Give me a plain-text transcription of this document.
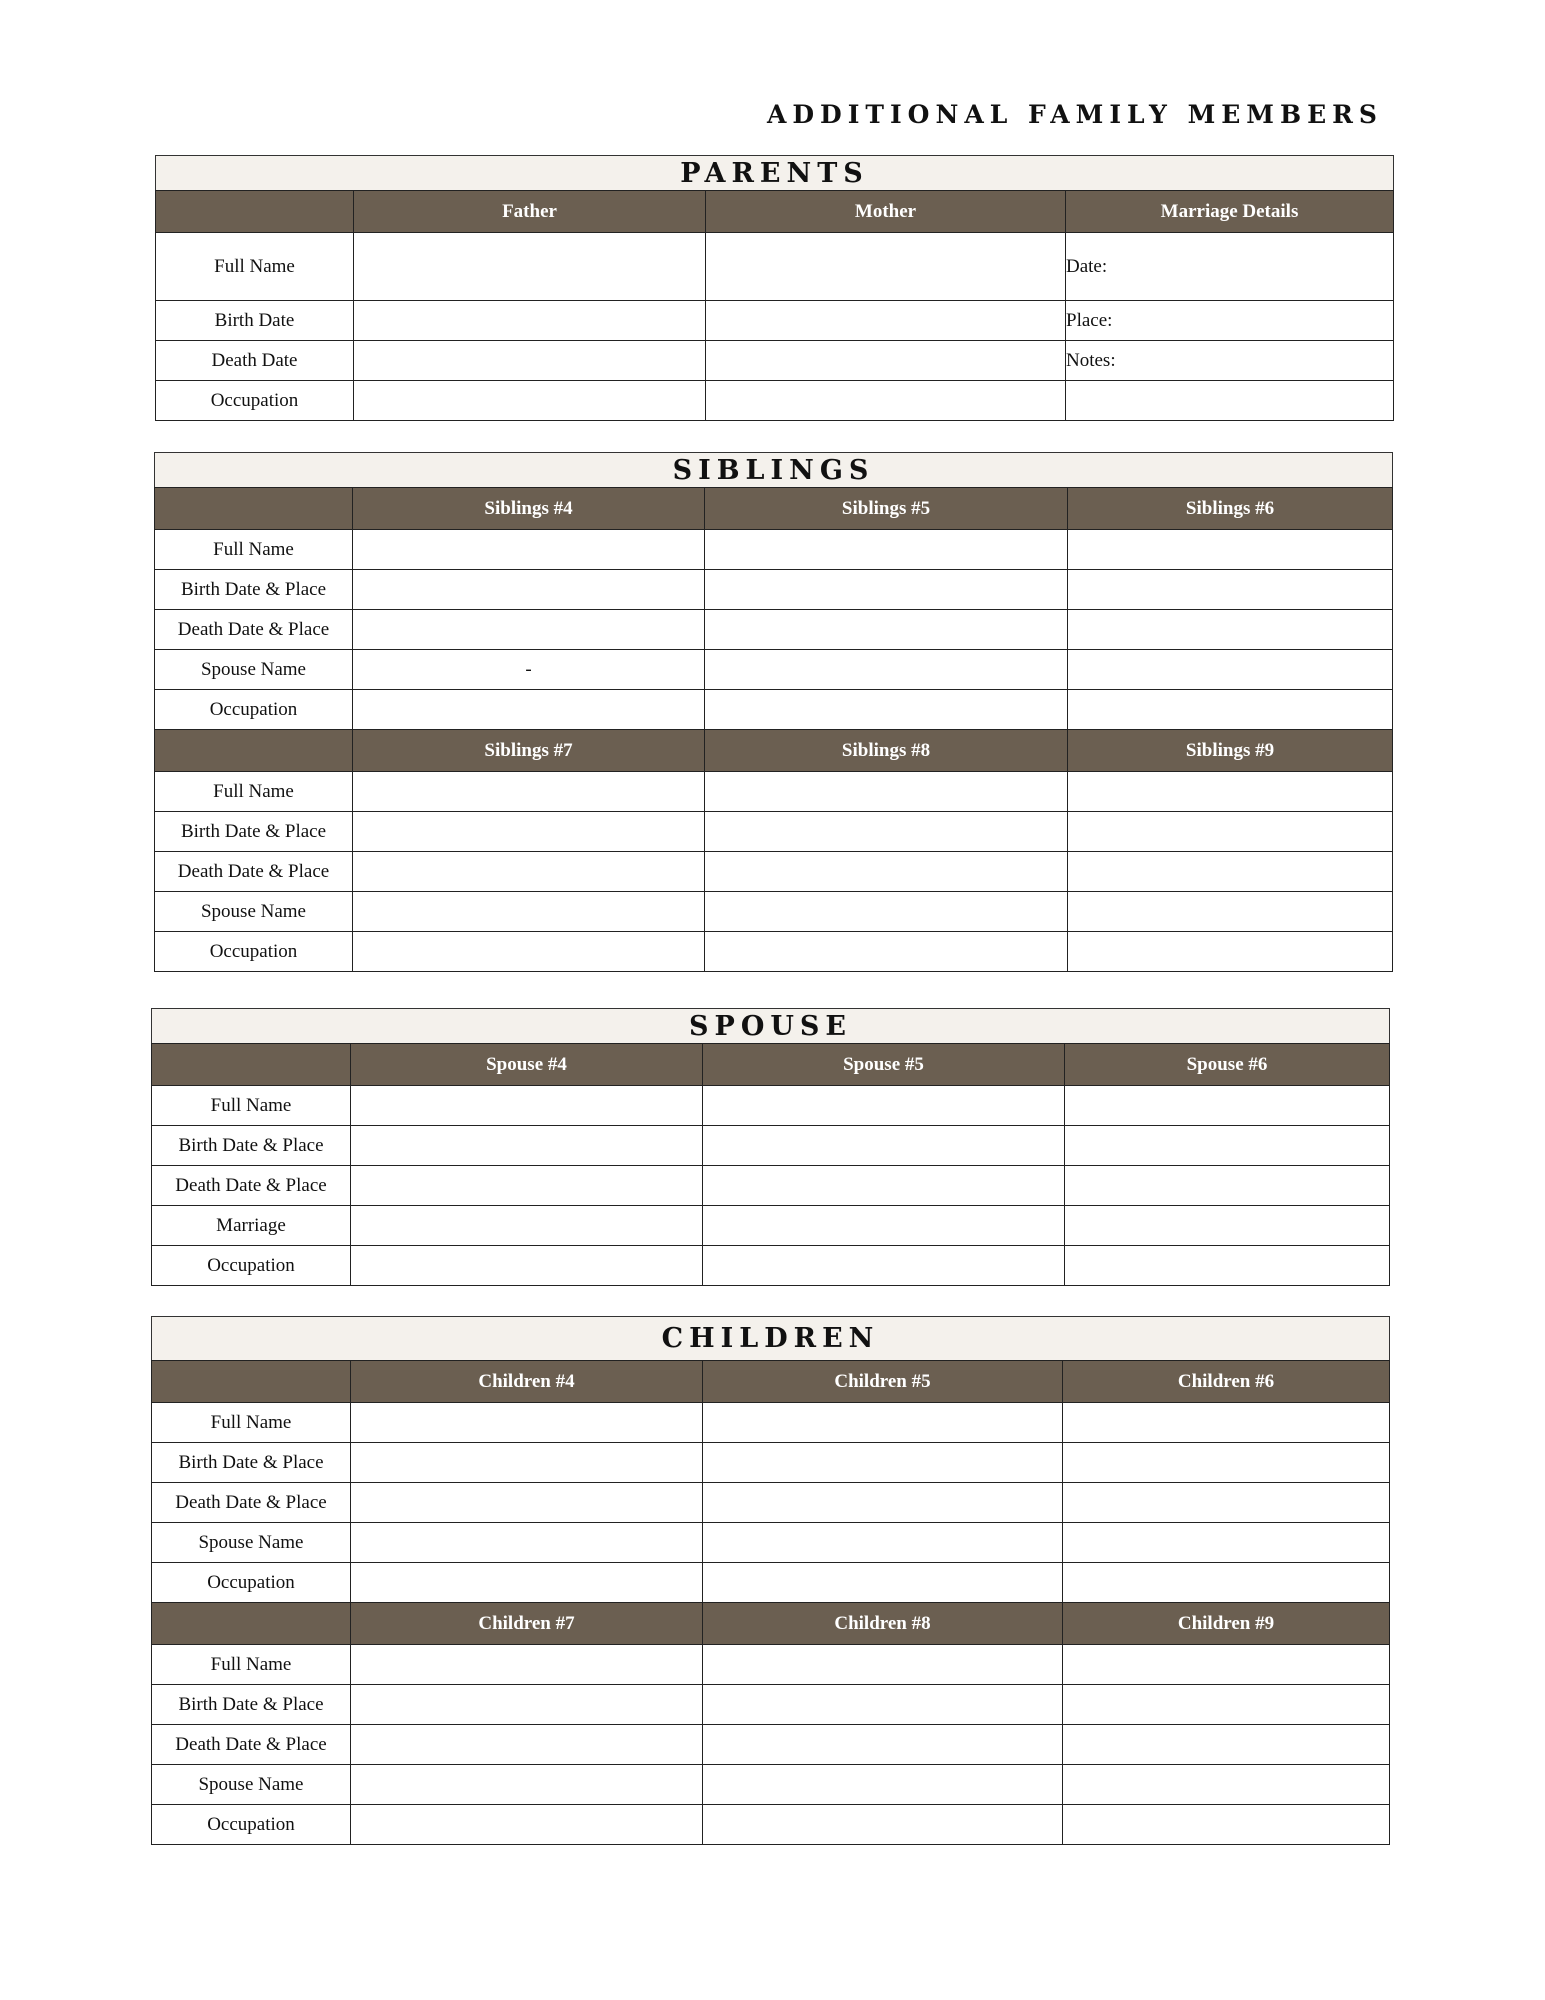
ADDITIONAL FAMILY MEMBERS
PARENTS
	Father	Mother	Marriage Details
Full Name			Date:
Birth Date			Place:
Death Date			Notes:
Occupation			
SIBLINGS
	Siblings #4	Siblings #5	Siblings #6
Full Name			
Birth Date & Place			
Death Date & Place			
Spouse Name	-		
Occupation			
	Siblings #7	Siblings #8	Siblings #9
Full Name			
Birth Date & Place			
Death Date & Place			
Spouse Name			
Occupation			
SPOUSE
	Spouse #4	Spouse #5	Spouse #6
Full Name			
Birth Date & Place			
Death Date & Place			
Marriage			
Occupation			
CHILDREN
	Children #4	Children #5	Children #6
Full Name			
Birth Date & Place			
Death Date & Place			
Spouse Name			
Occupation			
	Children #7	Children #8	Children #9
Full Name			
Birth Date & Place			
Death Date & Place			
Spouse Name			
Occupation			
